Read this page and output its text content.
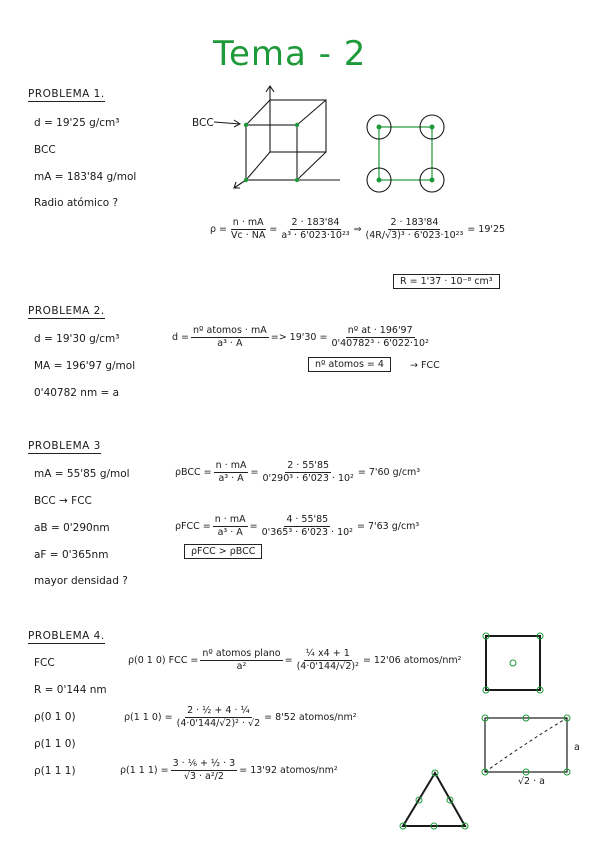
Tema - 2
PROBLEMA 1.
d = 19'25 g/cm³
BCC
mA = 183'84 g/mol
Radio atómico ?
BCC
$\rho = \frac{n \cdot mA}{Vc \cdot NA} = \frac{2 \cdot 183'84}{\text{a³ · 6'023·10²³}}$ ⇒ $\frac{2 \cdot 183'84}{\text{(4R/√3)³ · 6'023·10²³}} = 19'25$
R = 1'37 · 10⁻⁸ cm³
PROBLEMA 2.
d = 19'30 g/cm³
MA = 196'97 g/mol
0'40782 nm = a
$d = \frac{\text{nº atomos · mA}}{\text{a³ · A}} => 19'30 = \frac{\text{nº at · 196'97}}{\text{0'40782³ · 6'022·10²}}$
nº atomos = 4	→ FCC
PROBLEMA 3
mA = 55'85 g/mol
BCC → FCC
aB = 0'290nm
aF = 0'365nm
mayor densidad ?
$\rho BCC = \frac{n \cdot mA}{\text{a³ · A}} = \frac{2 \cdot 55'85}{\text{0'290³ · 6'023 · 10²}} = 7'60$ g/cm³
$\rho FCC = \frac{n \cdot mA}{\text{a³ · A}} = \frac{4 \cdot 55'85}{\text{0'365³ · 6'023 · 10²}} = 7'63$ g/cm³
ρFCC > ρBCC
PROBLEMA 4.
FCC
R = 0'144 nm
ρ(0 1 0)
ρ(1 1 0)
ρ(1 1 1)
ρ(0 1 0) FCC = $\frac{\text{nº atomos plano}}{\text{a²}} = \frac{\text{¼ x4 + 1}}{\text{(4·0'144/√2)²}} = 12'06$ atomos/nm²
ρ(1 1 $0) = \frac{\text{2 · ½ + 4 · ¼}}{\text{(4·0'144/√2)² · √2}} = 8'52$ atomos/nm²
ρ(1 1 $1) = \frac{\text{3 · ⅙ + ½ · 3}}{\text{√3 · a²/2}} = 13'92$ atomos/nm²
a
√2 · a
